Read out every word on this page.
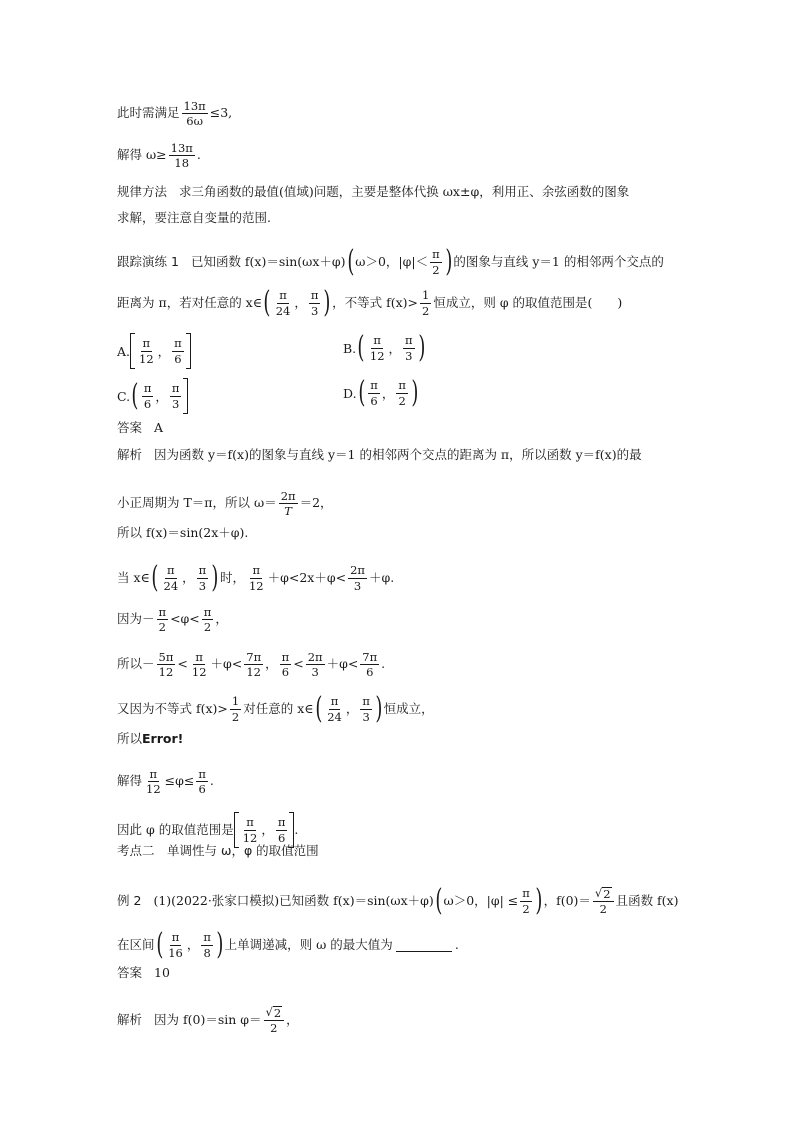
此时需满足 $\frac{13\pi}{6\omega} \le 3$,
解得 $\omega\ge \frac{13\pi}{18}$ .
规律方法 求三角函数的最值(值域)问题，主要是整体代换 ωx±φ，利用正、余弦函数的图象
求解，要注意自变量的范围.
跟踪演练 1 已知函数 f(x)＝sin(ωx＋φ) ( ω＞0，$|\varphi|< \frac{\pi}{2}$ ) 的图象与直线 y＝1 的相邻两个交点的
距离为 π，若对任意的 x∈ ( $\frac{\pi}{24}$ ， $\frac{\pi}{3}$ ) ，不等式 $f(x)> \frac{1}{2}$ 恒成立，则 φ 的取值范围是(　　)
A. $\frac{\pi}{12}$ ， $\frac{\pi}{6}$	B. ( $\frac{\pi}{12}$ ， $\frac{\pi}{3}$ )
C. ( $\frac{\pi}{6}$ ， $\frac{\pi}{3}$	D. ( $\frac{\pi}{6}$ ， $\frac{\pi}{2}$ )
答案 A
解析 因为函数 y＝f(x)的图象与直线 y＝1 的相邻两个交点的距离为 π，所以函数 y＝f(x)的最
小正周期为 T＝π，所以 $\omega= \frac{2\pi}{T} =2$，
所以 f(x)＝sin(2x＋φ).
当 x∈ ( $\frac{\pi}{24}$ ， $\frac{\pi}{3}$ ) 时， $\frac{\pi}{12} +\varphi<2x+\varphi< \frac{2\pi}{3} +\varphi$.
因为－ $\frac{\pi}{2} <\varphi< \frac{\pi}{2}$ ，
所以－ $\frac{5\pi}{12} < \frac{\pi}{12} +\varphi< \frac{7\pi}{12}$ ， $\frac{\pi}{6} < \frac{2\pi}{3} +\varphi< \frac{7\pi}{6}$ .
又因为不等式 $f(x)> \frac{1}{2}$ 对任意的 x∈ ( $\frac{\pi}{24}$ ， $\frac{\pi}{3}$ ) 恒成立，
所以 Error!
解得 $\frac{\pi}{12} \le\varphi\le \frac{\pi}{6}$ .
因此 φ 的取值范围是 $\frac{\pi}{12}$ ， $\frac{\pi}{6}$ .
考点二　单调性与 ω，φ 的取值范围
例 2 (1)(2022·张家口模拟)已知函数 f(x)＝sin(ωx＋φ) ( ω＞0，$|\varphi| \le \frac{\pi}{2}$ ) ，$f(0)= \frac{√ 2}{2}$ 且函数 f(x)
在区间 ( $\frac{\pi}{16}$ ， $\frac{\pi}{8}$ ) 上单调递减，则 ω 的最大值为	.
答案 10
解析 因为 f(0)＝sin $\varphi= \frac{√ 2}{2}$ ，
